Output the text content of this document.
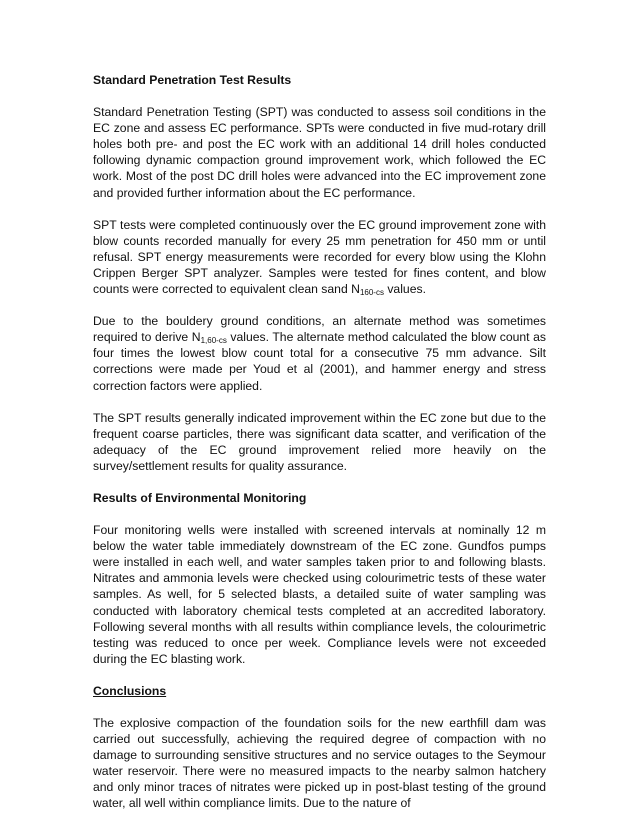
Standard Penetration Test Results

Standard Penetration Testing (SPT) was conducted to assess soil conditions in the EC zone and assess EC performance. SPTs were conducted in five mud-rotary drill holes both pre- and post the EC work with an additional 14 drill holes conducted following dynamic compaction ground improvement work, which followed the EC work. Most of the post DC drill holes were advanced into the EC improvement zone and provided further information about the EC performance.

SPT tests were completed continuously over the EC ground improvement zone with blow counts recorded manually for every 25 mm penetration for 450 mm or until refusal. SPT energy measurements were recorded for every blow using the Klohn Crippen Berger SPT analyzer. Samples were tested for fines content, and blow counts were corrected to equivalent clean sand $N_{160-cs}$ values.

Due to the bouldery ground conditions, an alternate method was sometimes required to derive $N_{1,60-cs}$ values. The alternate method calculated the blow count as four times the lowest blow count total for a consecutive 75 mm advance. Silt corrections were made per Youd et al (2001), and hammer energy and stress correction factors were applied.

The SPT results generally indicated improvement within the EC zone but due to the frequent coarse particles, there was significant data scatter, and verification of the adequacy of the EC ground improvement relied more heavily on the survey/settlement results for quality assurance.

Results of Environmental Monitoring

Four monitoring wells were installed with screened intervals at nominally 12 m below the water table immediately downstream of the EC zone. Gundfos pumps were installed in each well, and water samples taken prior to and following blasts. Nitrates and ammonia levels were checked using colourimetric tests of these water samples. As well, for 5 selected blasts, a detailed suite of water sampling was conducted with laboratory chemical tests completed at an accredited laboratory. Following several months with all results within compliance levels, the colourimetric testing was reduced to once per week. Compliance levels were not exceeded during the EC blasting work.

Conclusions

The explosive compaction of the foundation soils for the new earthfill dam was carried out successfully, achieving the required degree of compaction with no damage to surrounding sensitive structures and no service outages to the Seymour water reservoir. There were no measured impacts to the nearby salmon hatchery and only minor traces of nitrates were picked up in post-blast testing of the ground water, all well within compliance limits. Due to the nature of
